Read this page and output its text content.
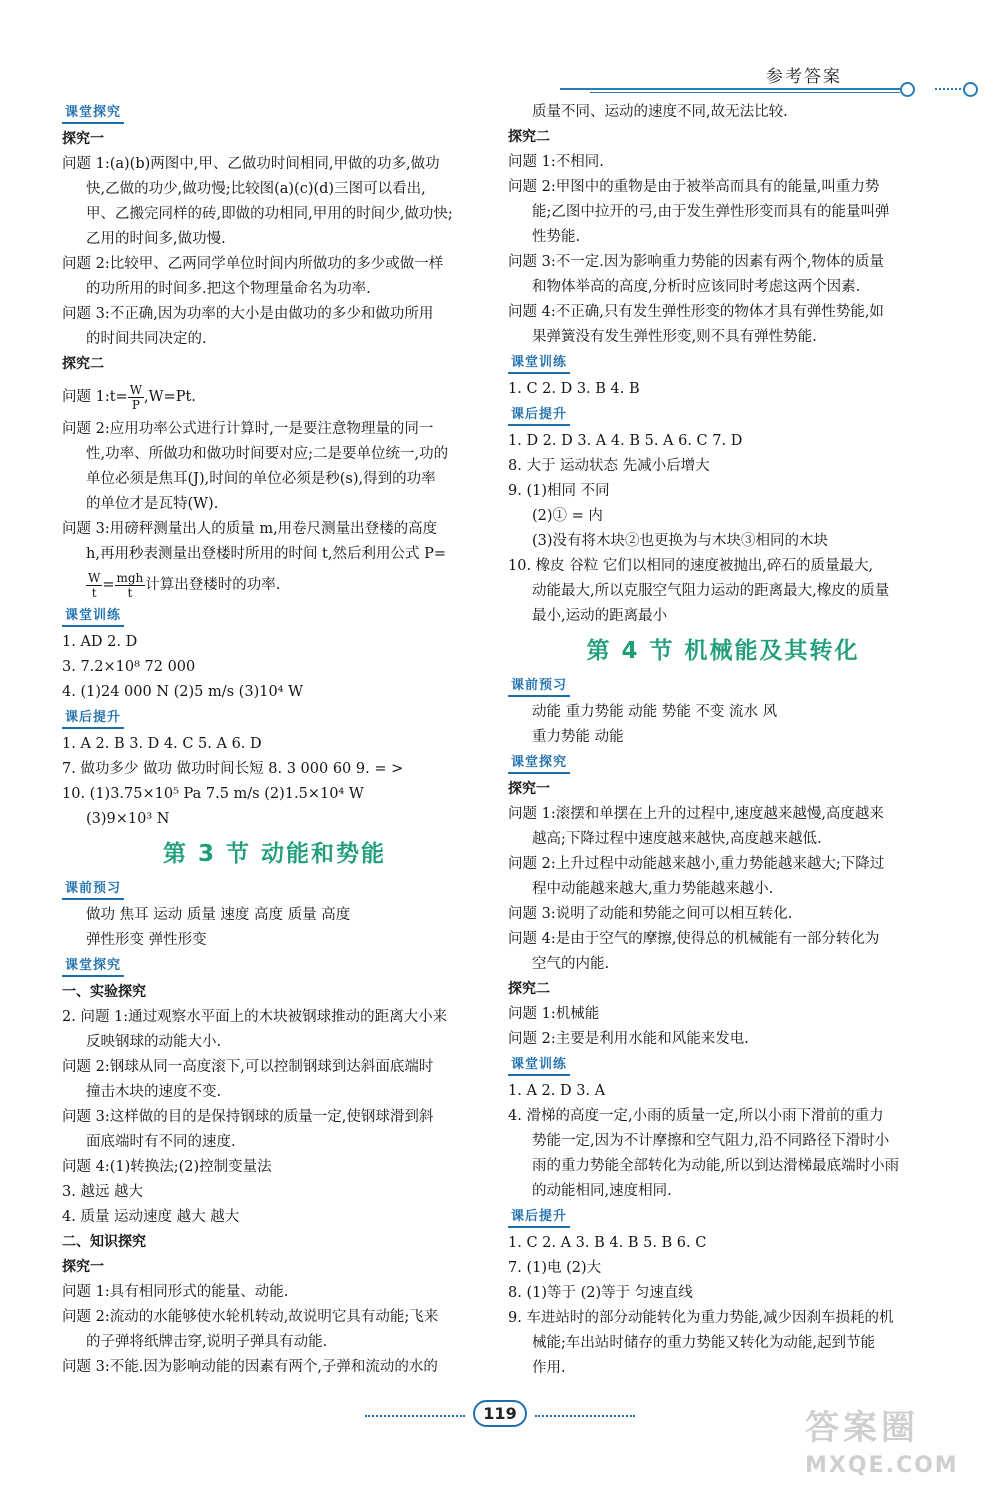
参考答案
课堂探究
探究一
问题 1:(a)(b)两图中,甲、乙做功时间相同,甲做的功多,做功
快,乙做的功少,做功慢;比较图(a)(c)(d)三图可以看出,
甲、乙搬完同样的砖,即做的功相同,甲用的时间少,做功快;
乙用的时间多,做功慢.
问题 2:比较甲、乙两同学单位时间内所做功的多少或做一样
的功所用的时间多.把这个物理量命名为功率.
问题 3:不正确,因为功率的大小是由做功的多少和做功所用
的时间共同决定的.
探究二
问题 1:t= $\frac{W}{P} ,W=Pt$.
问题 2:应用功率公式进行计算时,一是要注意物理量的同一
性,功率、所做功和做功时间要对应;二是要单位统一,功的
单位必须是焦耳(J),时间的单位必须是秒(s),得到的功率
的单位才是瓦特(W).
问题 3:用磅秤测量出人的质量 m,用卷尺测量出登楼的高度
h,再用秒表测量出登楼时所用的时间 t,然后利用公式 P=
$\frac{W}{t} = \frac{\text{mgh}}{t}$ 计算出登楼时的功率.
课堂训练
1. AD 2. D
3. 7.2×10⁸ 72 000
4. (1)24 000 N (2)5 m/s (3)10⁴ W
课后提升
1. A 2. B 3. D 4. C 5. A 6. D
7. 做功多少 做功 做功时间长短 8. 3 000 60 9. = >
10. (1)3.75×10⁵ Pa 7.5 m/s (2)1.5×10⁴ W
(3)9×10³ N
第 3 节 动能和势能
课前预习
做功 焦耳 运动 质量 速度 高度 质量 高度
弹性形变 弹性形变
课堂探究
一、实验探究
2. 问题 1:通过观察水平面上的木块被钢球推动的距离大小来
反映钢球的动能大小.
问题 2:钢球从同一高度滚下,可以控制钢球到达斜面底端时
撞击木块的速度不变.
问题 3:这样做的目的是保持钢球的质量一定,使钢球滑到斜
面底端时有不同的速度.
问题 4:(1)转换法;(2)控制变量法
3. 越远 越大
4. 质量 运动速度 越大 越大
二、知识探究
探究一
问题 1:具有相同形式的能量、动能.
问题 2:流动的水能够使水轮机转动,故说明它具有动能;飞来
的子弹将纸牌击穿,说明子弹具有动能.
问题 3:不能.因为影响动能的因素有两个,子弹和流动的水的
质量不同、运动的速度不同,故无法比较.
探究二
问题 1:不相同.
问题 2:甲图中的重物是由于被举高而具有的能量,叫重力势
能;乙图中拉开的弓,由于发生弹性形变而具有的能量叫弹
性势能.
问题 3:不一定.因为影响重力势能的因素有两个,物体的质量
和物体举高的高度,分析时应该同时考虑这两个因素.
问题 4:不正确,只有发生弹性形变的物体才具有弹性势能,如
果弹簧没有发生弹性形变,则不具有弹性势能.
课堂训练
1. C 2. D 3. B 4. B
课后提升
1. D 2. D 3. A 4. B 5. A 6. C 7. D
8. 大于 运动状态 先减小后增大
9. (1)相同 不同
(2)① = 内
(3)没有将木块②也更换为与木块③相同的木块
10. 橡皮 谷粒 它们以相同的速度被抛出,碎石的质量最大,
动能最大,所以克服空气阻力运动的距离最大,橡皮的质量
最小,运动的距离最小
第 4 节 机械能及其转化
课前预习
动能 重力势能 动能 势能 不变 流水 风
重力势能 动能
课堂探究
探究一
问题 1:滚摆和单摆在上升的过程中,速度越来越慢,高度越来
越高;下降过程中速度越来越快,高度越来越低.
问题 2:上升过程中动能越来越小,重力势能越来越大;下降过
程中动能越来越大,重力势能越来越小.
问题 3:说明了动能和势能之间可以相互转化.
问题 4:是由于空气的摩擦,使得总的机械能有一部分转化为
空气的内能.
探究二
问题 1:机械能
问题 2:主要是利用水能和风能来发电.
课堂训练
1. A 2. D 3. A
4. 滑梯的高度一定,小雨的质量一定,所以小雨下滑前的重力
势能一定,因为不计摩擦和空气阻力,沿不同路径下滑时小
雨的重力势能全部转化为动能,所以到达滑梯最底端时小雨
的动能相同,速度相同.
课后提升
1. C 2. A 3. B 4. B 5. B 6. C
7. (1)电 (2)大
8. (1)等于 (2)等于 匀速直线
9. 车进站时的部分动能转化为重力势能,减少因刹车损耗的机
械能;车出站时储存的重力势能又转化为动能,起到节能
作用.
119	答案圈
MXQE.COM
